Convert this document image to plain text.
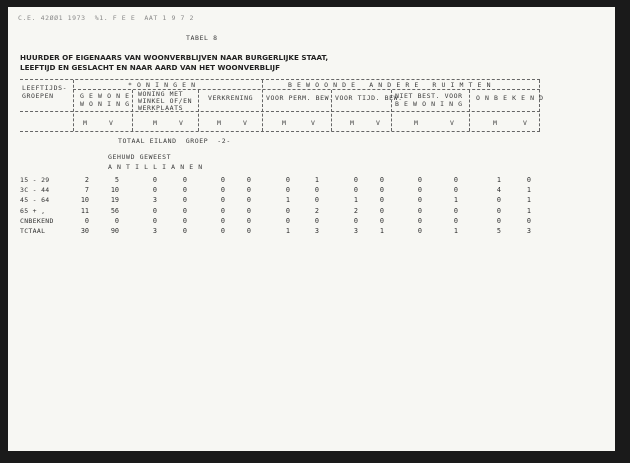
C.E. 42ØØ1 1973  %1. F E E  AAT 1 9 7 2
TABEL 8
HUURDER OF EIGENAARS VAN WOONVERBLIJVEN NAAR BURGERLIJKE STAAT,
LEEFTIJD EN GESLACHT EN NAAR AARD VAN HET WOONVERBLIJF
LEEFTIJDS-
GROEPEN
* O N I N G E N	B E W O O N D E   A N D E R E   R U I M T E N
G E W O N E
W O N I N G
WONING MET
WINKEL OF/EN
WERKPLAATS
VERKRENING VOOR PERM. BEW. VOOR TIJD. BEW.
NIET BEST. VOOR
B E W O N I N G
O N B E K E N D
M	V	M	V	M	V	M	V	M	V	M	V	M	V
TOTAAL EILAND  GROEP  -2-
GEHUWD GEWEEST
A N T I L L I A N E N
15 - 29	2	5	0	0	0	0	0	1	0	0	0	0	1	0
3C - 44	7	10	0	0	0	0	0	0	0	0	0	0	4	1
45 - 64	10	19	3	0	0	0	1	0	1	0	0	1	0	1
65 + ,	11	56	0	0	0	0	0	2	2	0	0	0	0	1
CNBEKEND	0	0	0	0	0	0	0	0	0	0	0	0	0	0
TCTAAL	30	90	3	0	0	0	1	3	3	1	0	1	5	3
